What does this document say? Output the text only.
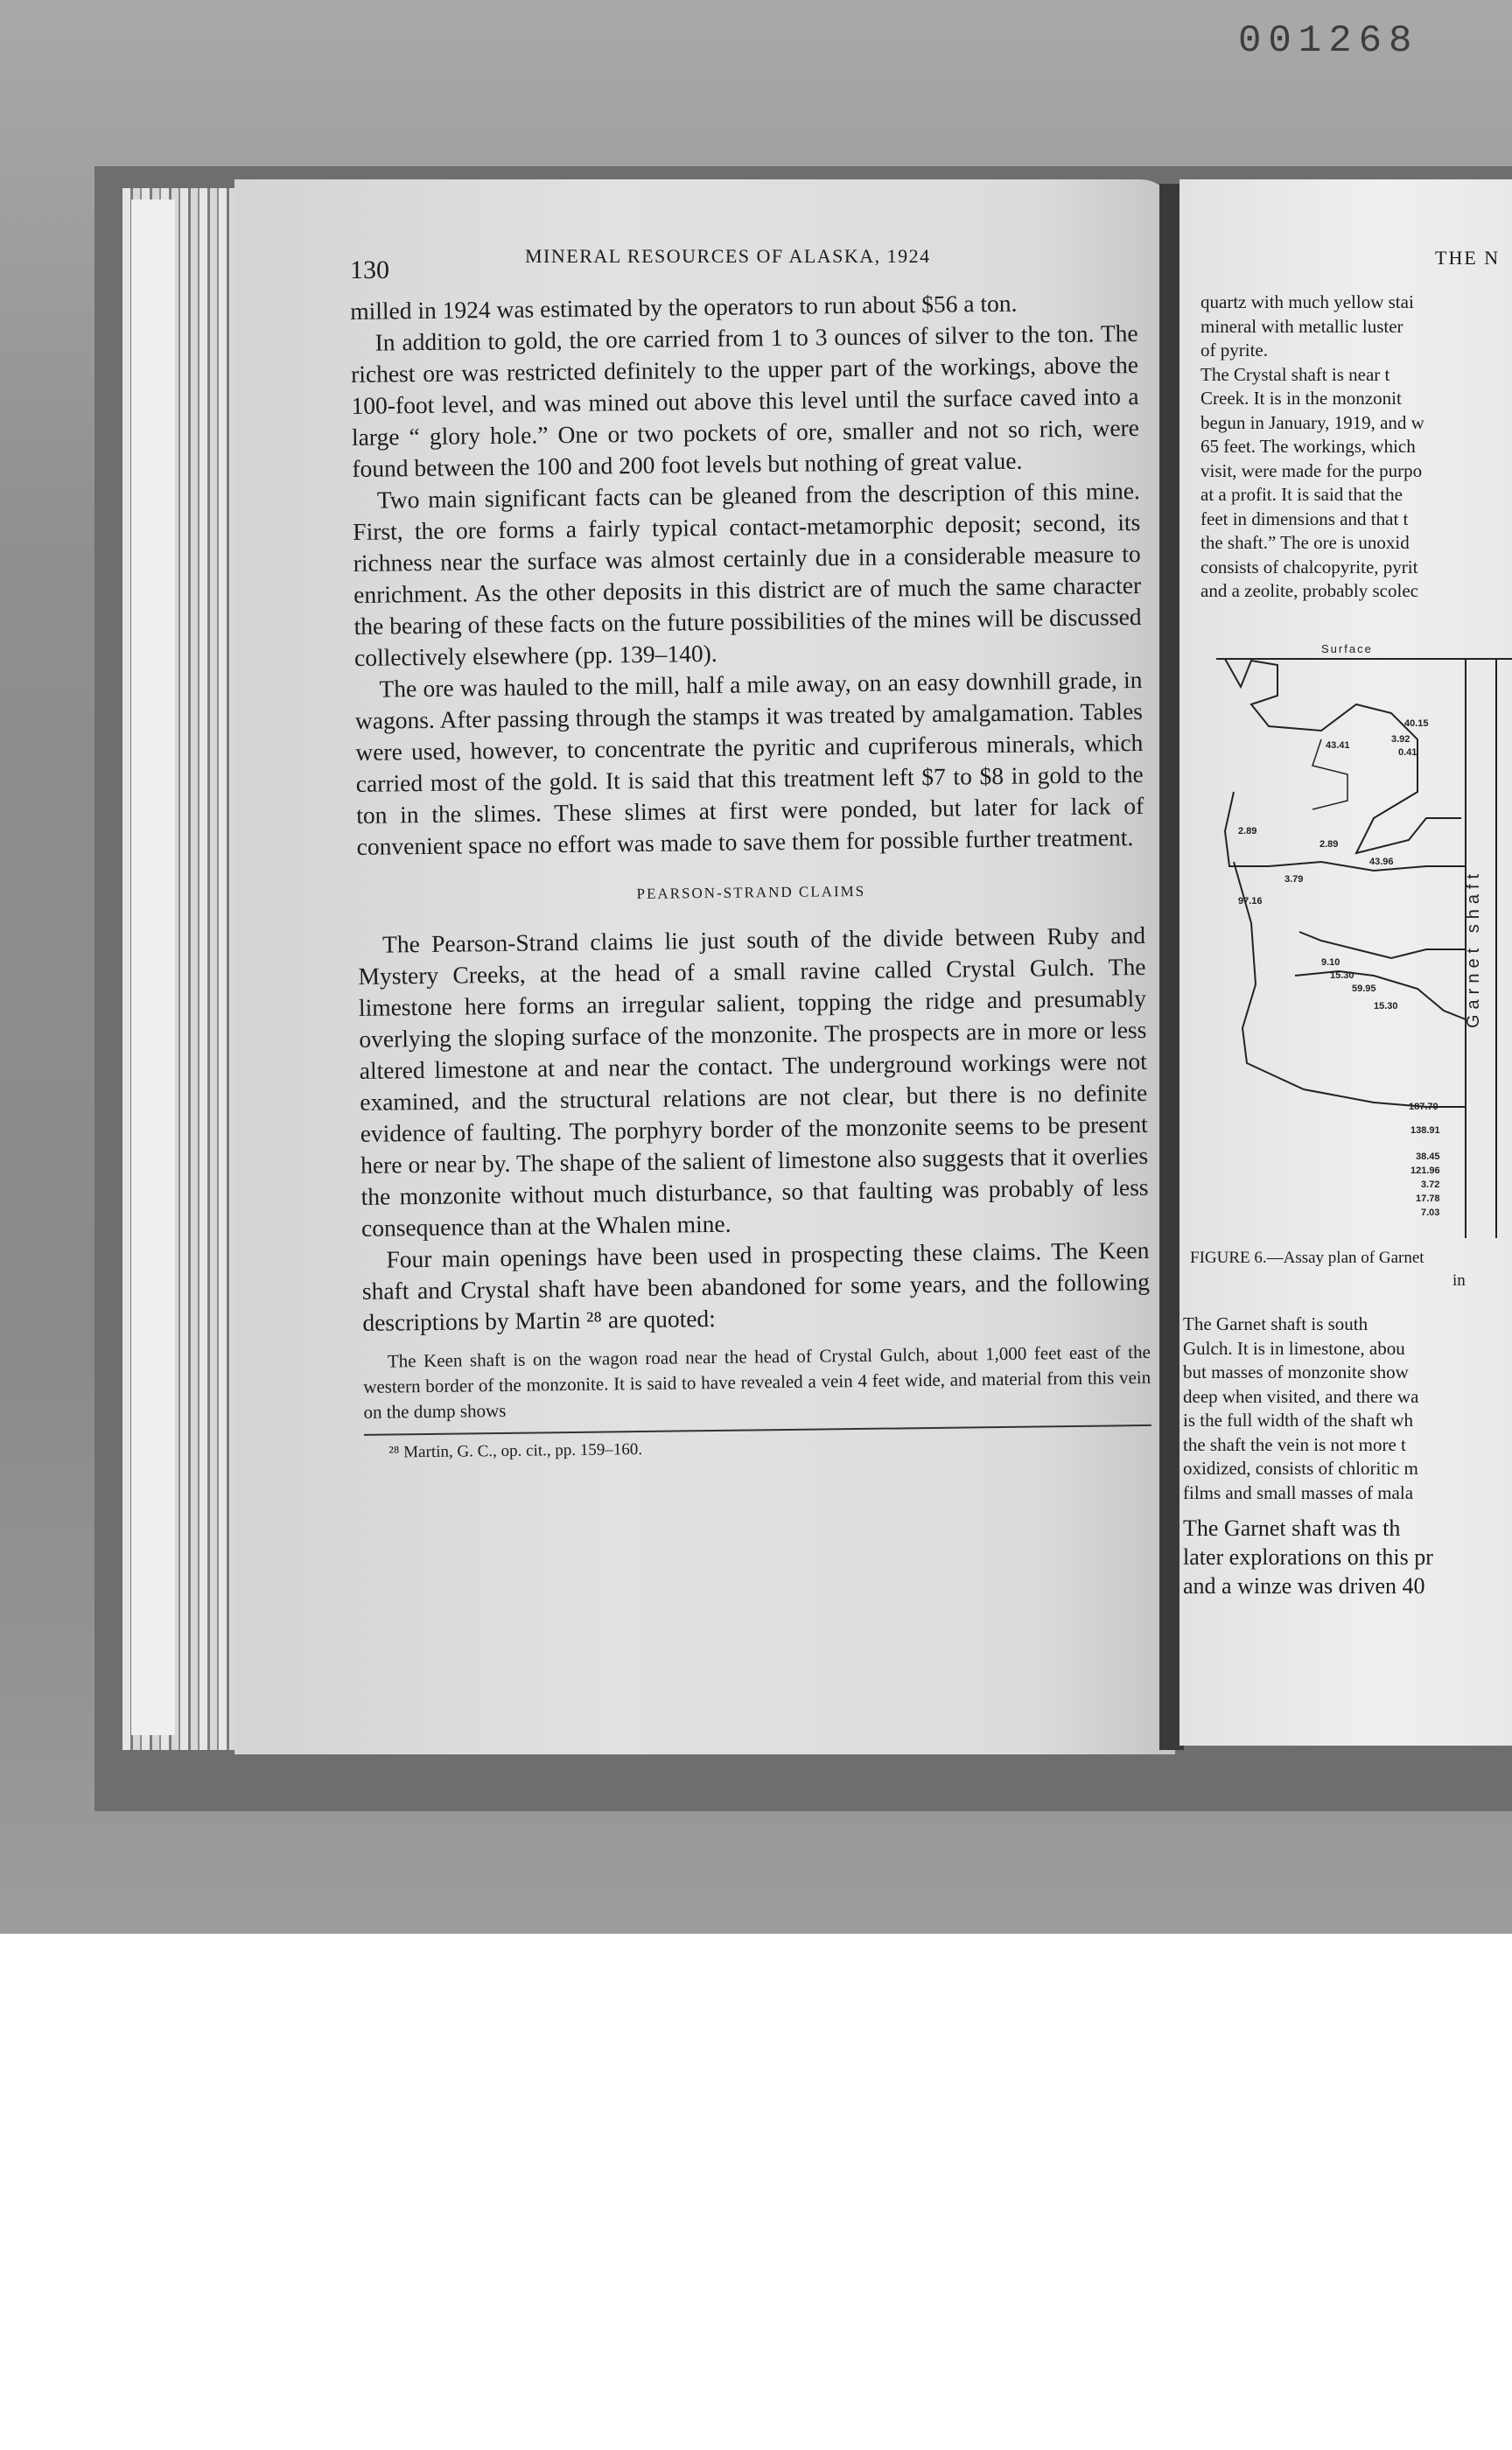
001268
130	MINERAL RESOURCES OF ALASKA, 1924

milled in 1924 was estimated by the operators to run about $56 a ton.

In addition to gold, the ore carried from 1 to 3 ounces of silver to the ton. The richest ore was restricted definitely to the upper part of the workings, above the 100-foot level, and was mined out above this level until the surface caved into a large “ glory hole.” One or two pockets of ore, smaller and not so rich, were found between the 100 and 200 foot levels but nothing of great value.

Two main significant facts can be gleaned from the description of this mine. First, the ore forms a fairly typical contact-metamorphic deposit; second, its richness near the surface was almost certainly due in a considerable measure to enrichment. As the other deposits in this district are of much the same character the bearing of these facts on the future possibilities of the mines will be discussed collectively elsewhere (pp. 139–140).

The ore was hauled to the mill, half a mile away, on an easy downhill grade, in wagons. After passing through the stamps it was treated by amalgamation. Tables were used, however, to concentrate the pyritic and cupriferous minerals, which carried most of the gold. It is said that this treatment left $7 to $8 in gold to the ton in the slimes. These slimes at first were ponded, but later for lack of convenient space no effort was made to save them for possible further treatment.

PEARSON-STRAND CLAIMS

The Pearson-Strand claims lie just south of the divide between Ruby and Mystery Creeks, at the head of a small ravine called Crystal Gulch. The limestone here forms an irregular salient, topping the ridge and presumably overlying the sloping surface of the monzonite. The prospects are in more or less altered limestone at and near the contact. The underground workings were not examined, and the structural relations are not clear, but there is no definite evidence of faulting. The porphyry border of the monzonite seems to be present here or near by. The shape of the salient of limestone also suggests that it overlies the monzonite without much disturbance, so that faulting was probably of less consequence than at the Whalen mine.

Four main openings have been used in prospecting these claims. The Keen shaft and Crystal shaft have been abandoned for some years, and the following descriptions by Martin ²⁸ are quoted:

The Keen shaft is on the wagon road near the head of Crystal Gulch, about 1,000 feet east of the western border of the monzonite. It is said to have revealed a vein 4 feet wide, and material from this vein on the dump shows

²⁸ Martin, G. C., op. cit., pp. 159–160.

THE N

quartz with much yellow stai

mineral with metallic luster

of pyrite.

The Crystal shaft is near t

Creek. It is in the monzonit

begun in January, 1919, and w

65 feet. The workings, which

visit, were made for the purpo

at a profit. It is said that the

feet in dimensions and that t

the shaft.” The ore is unoxid

consists of chalcopyrite, pyrit

and a zeolite, probably scolec

Surface
Garnet shaft
40.15
43.41
3.92
0.41
2.89
2.89
43.96
3.79
97.16
9.10
15.30
59.95
15.30
187.70
138.91
38.45
121.96
3.72
17.78
7.03
FIGURE 6.—Assay plan of Garnet
in

The Garnet shaft is south

Gulch. It is in limestone, abou

but masses of monzonite show

deep when visited, and there wa

is the full width of the shaft wh

the shaft the vein is not more t

oxidized, consists of chloritic m

films and small masses of mala

The Garnet shaft was th

later explorations on this pr

and a winze was driven 40
